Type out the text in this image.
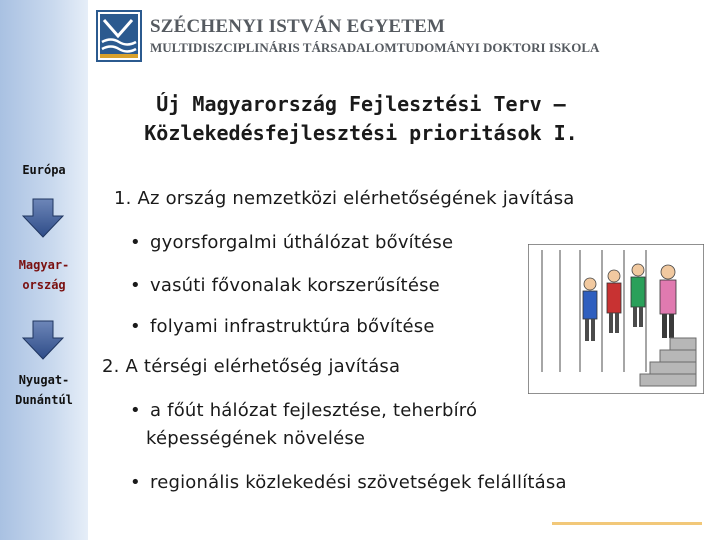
SZÉCHENYI ISTVÁN EGYETEM
MULTIDISZCIPLINÁRIS TÁRSADALOMTUDOMÁNYI DOKTORI ISKOLA
Új Magyarország Fejlesztési Terv –
Közlekedésfejlesztési prioritások I.
Európa
Magyar-
ország
Nyugat-
Dunántúl
1. Az ország nemzetközi elérhetőségének javítása
• gyorsforgalmi úthálózat bővítése
• vasúti fővonalak korszerűsítése
• folyami infrastruktúra bővítése
2. A térségi elérhetőség javítása
• a főút hálózat fejlesztése, teherbíró
képességének növelése
• regionális közlekedési szövetségek felállítása
